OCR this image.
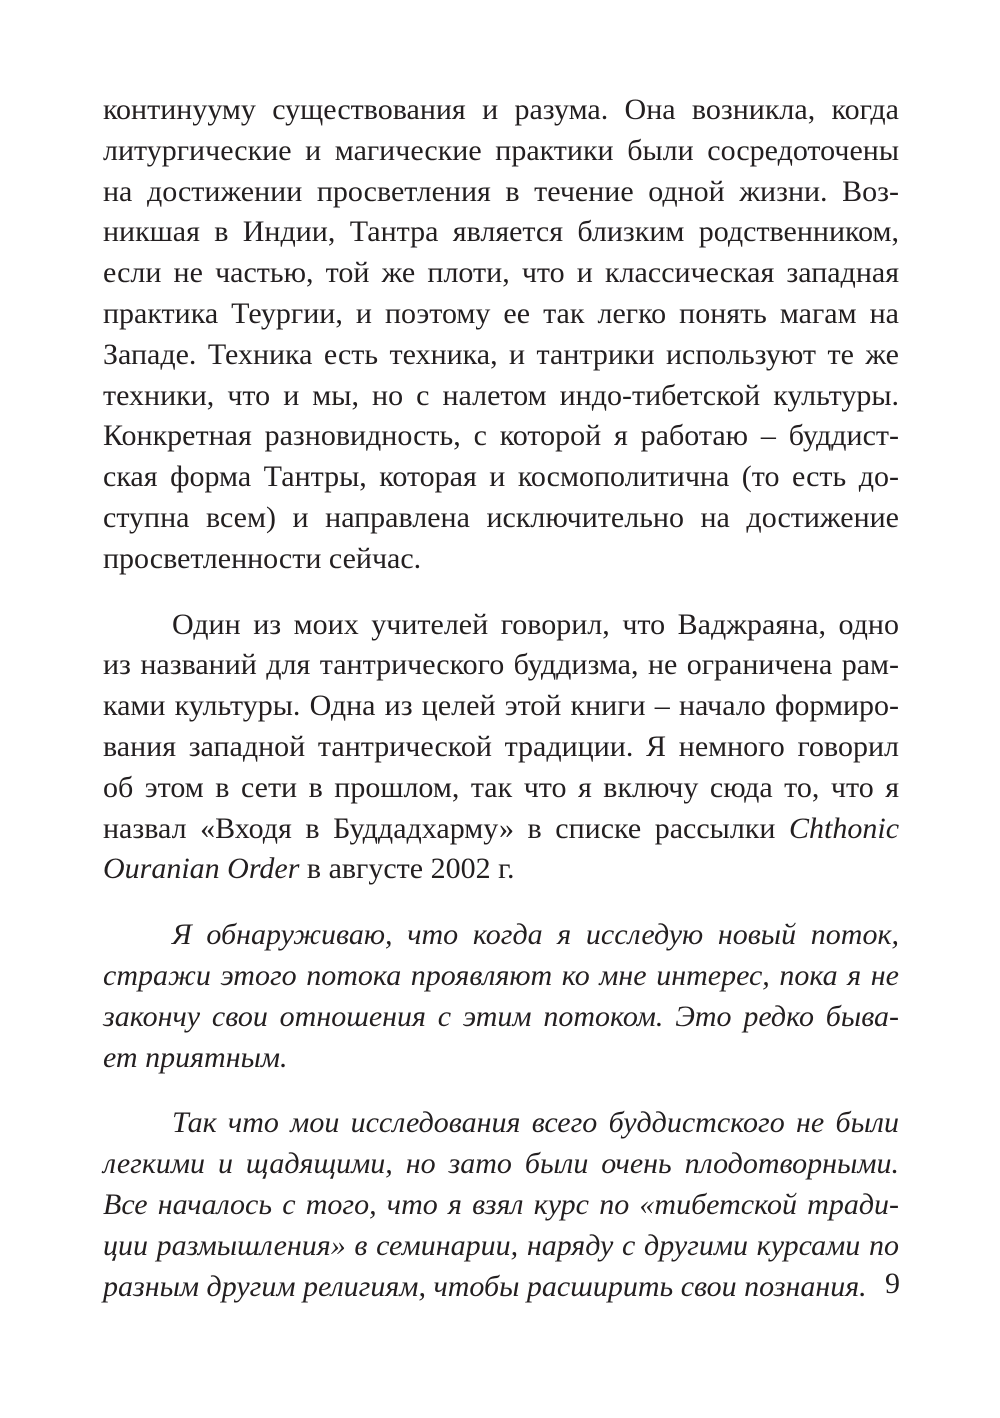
континууму существования и разума. Она возникла, когда
литургические и магические практики были сосредоточены
на достижении просветления в течение одной жизни. Воз-
никшая в Индии, Тантра является близким родственником,
если не частью, той же плоти, что и классическая западная
практика Теургии, и поэтому ее так легко понять магам на
Западе. Техника есть техника, и тантрики используют те же
техники, что и мы, но с налетом индо-тибетской культуры.
Конкретная разновидность, с которой я работаю – буддист-
ская форма Тантры, которая и космополитична (то есть до-
ступна всем) и направлена исключительно на достижение
просветленности сейчас.
Один из моих учителей говорил, что Ваджраяна, одно
из названий для тантрического буддизма, не ограничена рам-
ками культуры. Одна из целей этой книги – начало формиро-
вания западной тантрической традиции. Я немного говорил
об этом в сети в прошлом, так что я включу сюда то, что я
назвал «Входя в Буддадхарму» в списке рассылки Chthonic
Ouranian Order в августе 2002 г.
Я обнаруживаю, что когда я исследую новый поток,
стражи этого потока проявляют ко мне интерес, пока я не
закончу свои отношения с этим потоком. Это редко быва-
ет приятным.
Так что мои исследования всего буддистского не были
легкими и щадящими, но зато были очень плодотворными.
Все началось с того, что я взял курс по «тибетской тради-
ции размышления» в семинарии, наряду с другими курсами по
разным другим религиям, чтобы расширить свои познания. 9
